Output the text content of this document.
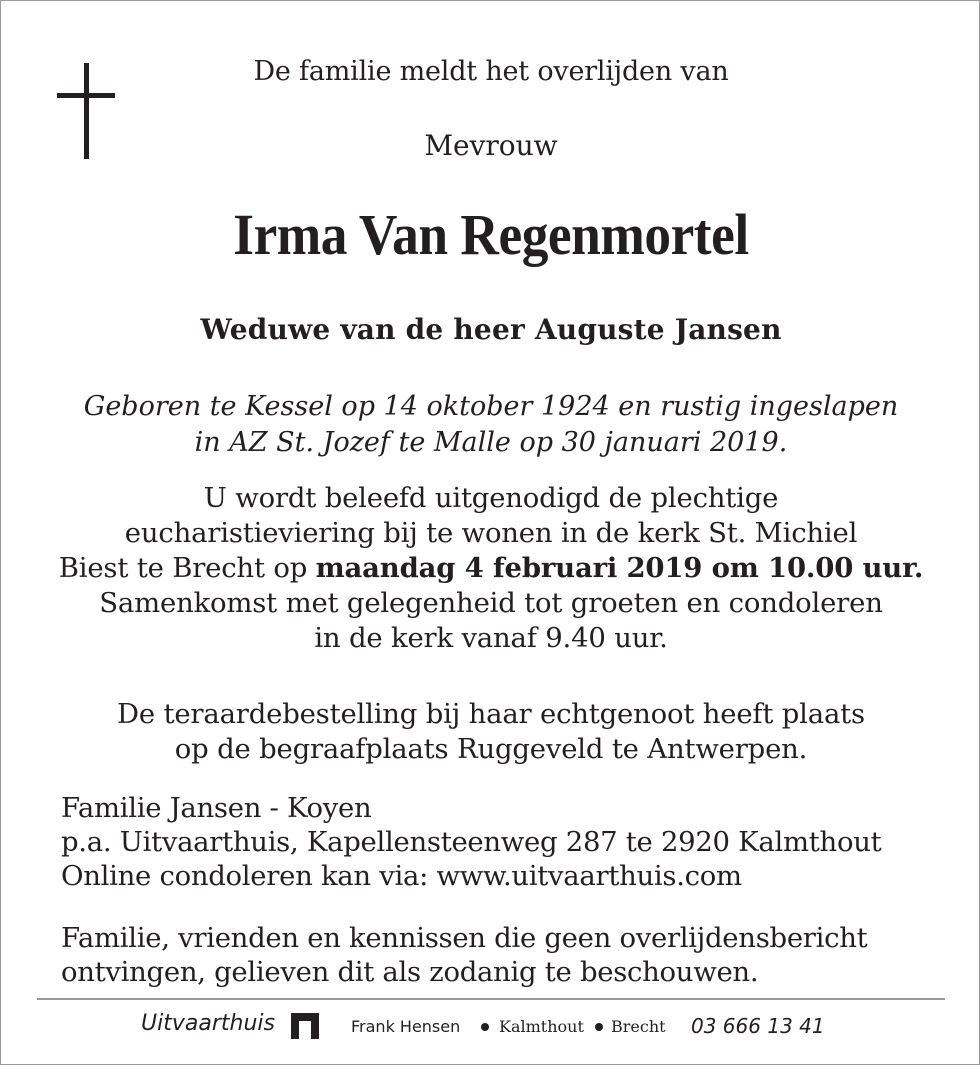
De familie meldt het overlijden van
Mevrouw
Irma Van Regenmortel
Weduwe van de heer Auguste Jansen
Geboren te Kessel op 14 oktober 1924 en rustig ingeslapen
in AZ St. Jozef te Malle op 30 januari 2019.
U wordt beleefd uitgenodigd de plechtige
eucharistieviering bij te wonen in de kerk St. Michiel
Biest te Brecht op maandag 4 februari 2019 om 10.00 uur.
Samenkomst met gelegenheid tot groeten en condoleren
in de kerk vanaf 9.40 uur.
De teraardebestelling bij haar echtgenoot heeft plaats
op de begraafplaats Ruggeveld te Antwerpen.
Familie Jansen - Koyen
p.a. Uitvaarthuis, Kapellensteenweg 287 te 2920 Kalmthout
Online condoleren kan via: www.uitvaarthuis.com
Familie, vrienden en kennissen die geen overlijdensbericht
ontvingen, gelieven dit als zodanig te beschouwen.
Uitvaarthuis	Frank Hensen Kalmthout Brecht 03 666 13 41
